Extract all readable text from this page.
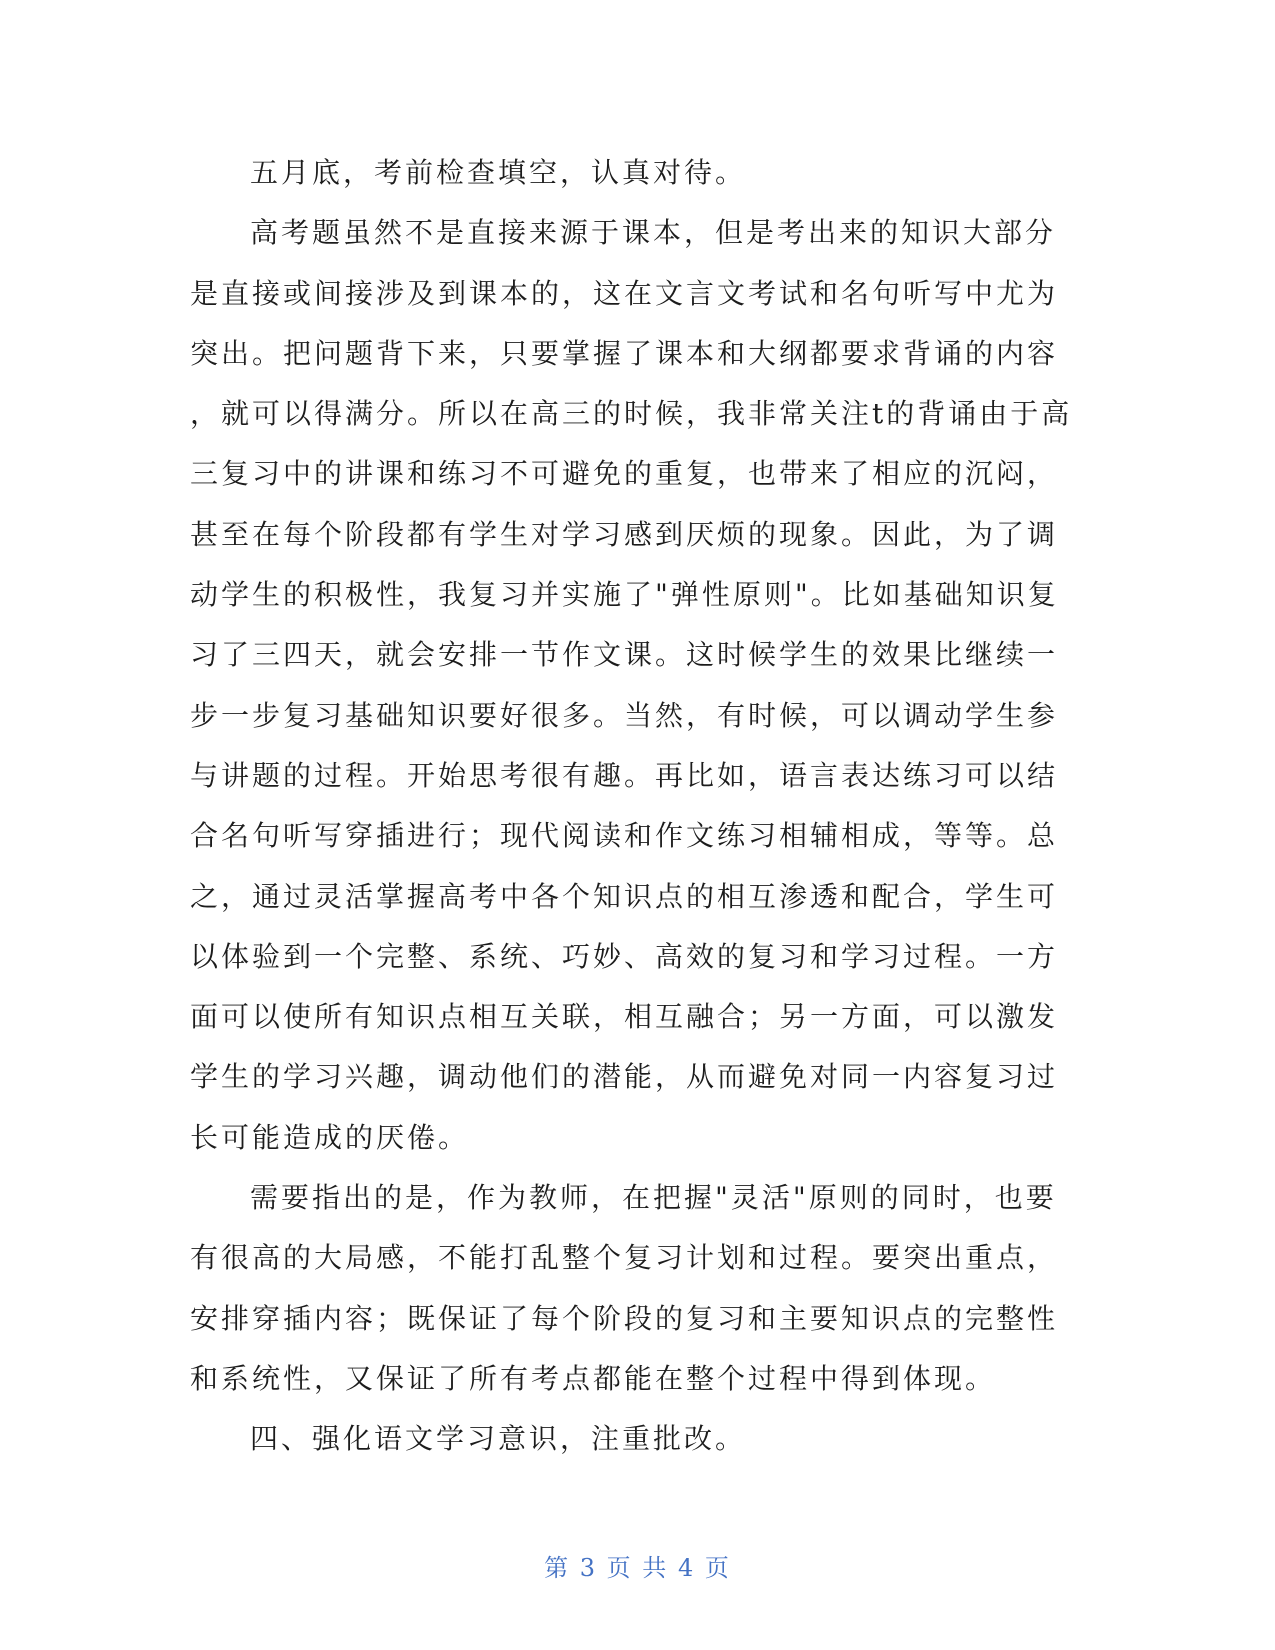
五月底，考前检查填空，认真对待。
高考题虽然不是直接来源于课本，但是考出来的知识大部分
是直接或间接涉及到课本的，这在文言文考试和名句听写中尤为
突出。把问题背下来，只要掌握了课本和大纲都要求背诵的内容
，就可以得满分。所以在高三的时候，我非常关注t的背诵由于高
三复习中的讲课和练习不可避免的重复，也带来了相应的沉闷，
甚至在每个阶段都有学生对学习感到厌烦的现象。因此，为了调
动学生的积极性，我复习并实施了"弹性原则"。比如基础知识复
习了三四天，就会安排一节作文课。这时候学生的效果比继续一
步一步复习基础知识要好很多。当然，有时候，可以调动学生参
与讲题的过程。开始思考很有趣。再比如，语言表达练习可以结
合名句听写穿插进行；现代阅读和作文练习相辅相成，等等。总
之，通过灵活掌握高考中各个知识点的相互渗透和配合，学生可
以体验到一个完整、系统、巧妙、高效的复习和学习过程。一方
面可以使所有知识点相互关联，相互融合；另一方面，可以激发
学生的学习兴趣，调动他们的潜能，从而避免对同一内容复习过
长可能造成的厌倦。
需要指出的是，作为教师，在把握"灵活"原则的同时，也要
有很高的大局感，不能打乱整个复习计划和过程。要突出重点，
安排穿插内容；既保证了每个阶段的复习和主要知识点的完整性
和系统性，又保证了所有考点都能在整个过程中得到体现。
四、强化语文学习意识，注重批改。
第 3 页 共 4 页
